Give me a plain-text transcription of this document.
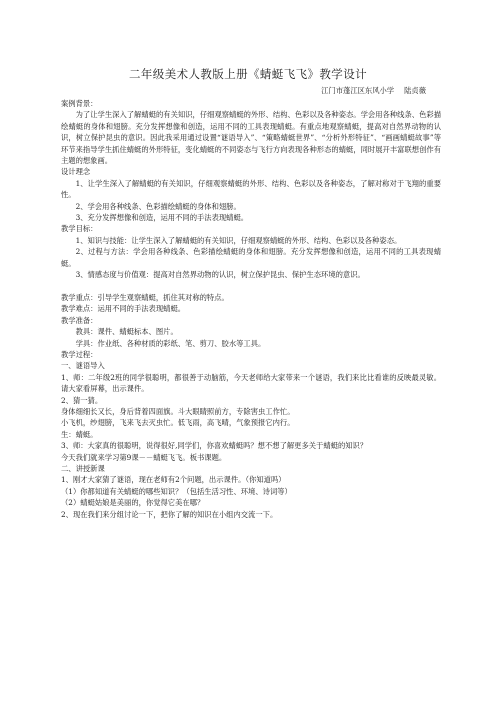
二年级美术人教版上册《蜻蜓飞飞》教学设计
江门市蓬江区东风小学 陆贞薇

案例背景：

为了让学生深入了解蜻蜓的有关知识，仔细观察蜻蜓的外形、结构、色彩以及各种姿态。学会用各种线条、色彩描绘蜻蜓的身体和翅膀。充分发挥想像和创造，运用不同的工具表现蜻蜓。有重点地观察蜻蜓，提高对自然界动物的认识，树立保护昆虫的意识。因此我采用通过设置“谜语导入”、“策略蜻蜓世界”、“分析外形特征”、“画画蜻蜓故事”等环节来指导学生抓住蜻蜓的外形特征，变化蜻蜓的不同姿态与飞行方向表现各种形态的蜻蜓，同时展开丰富联想创作有主题的想象画。

设计理念

1、让学生深入了解蜻蜓的有关知识，仔细观察蜻蜓的外形、结构、色彩以及各种姿态，了解对称对于飞翔的重要性。

2、学会用各种线条、色彩描绘蜻蜓的身体和翅膀。

3、充分发挥想像和创造，运用不同的手法表现蜻蜓。

教学目标：

1、知识与技能：让学生深入了解蜻蜓的有关知识，仔细观察蜻蜓的外形、结构、色彩以及各种姿态。

2、过程与方法：学会用各种线条、色彩描绘蜻蜓的身体和翅膀。充分发挥想像和创造，运用不同的工具表现蜻蜓。

3、情感态度与价值观：提高对自然界动物的认识，树立保护昆虫、保护生态环境的意识。

教学重点：引导学生观察蜻蜓，抓住其对称的特点。

教学难点：运用不同的手法表现蜻蜓。

教学准备：

教具：课件、蜻蜓标本、图片。

学具：作业纸、各种材质的彩纸、笔、剪刀、胶水等工具。

教学过程：

一、谜语导入

1、师：二年级2班的同学很聪明，都很善于动脑筋，今天老师给大家带来一个谜语，我们来比比看谁的反映最灵敏。请大家看屏幕，出示课件。

2、猜一猜。

身体细细长又长，身后背着四面旗。斗大眼睛照前方，专除害虫工作忙。

小飞机，纱翅膀，飞来飞去灭虫忙。低飞雨，高飞晴，气象预报它内行。

生：蜻蜓。

3、师：大家真的很聪明，说得很好,同学们，你喜欢蜻蜓吗？想不想了解更多关于蜻蜓的知识？

今天我们就来学习第9课－－蜻蜓飞飞。板书课题。

二、讲授新课

1、刚才大家猜了谜语，现在老师有2个问题，出示课件。（你知道吗）

（1）你都知道有关蜻蜓的哪些知识？（包括生活习性、环境、诗词等）

（2）蜻蜓姑娘是美丽的，你觉得它美在哪？

2、现在我们来分组讨论一下，把你了解的知识在小组内交流一下。
